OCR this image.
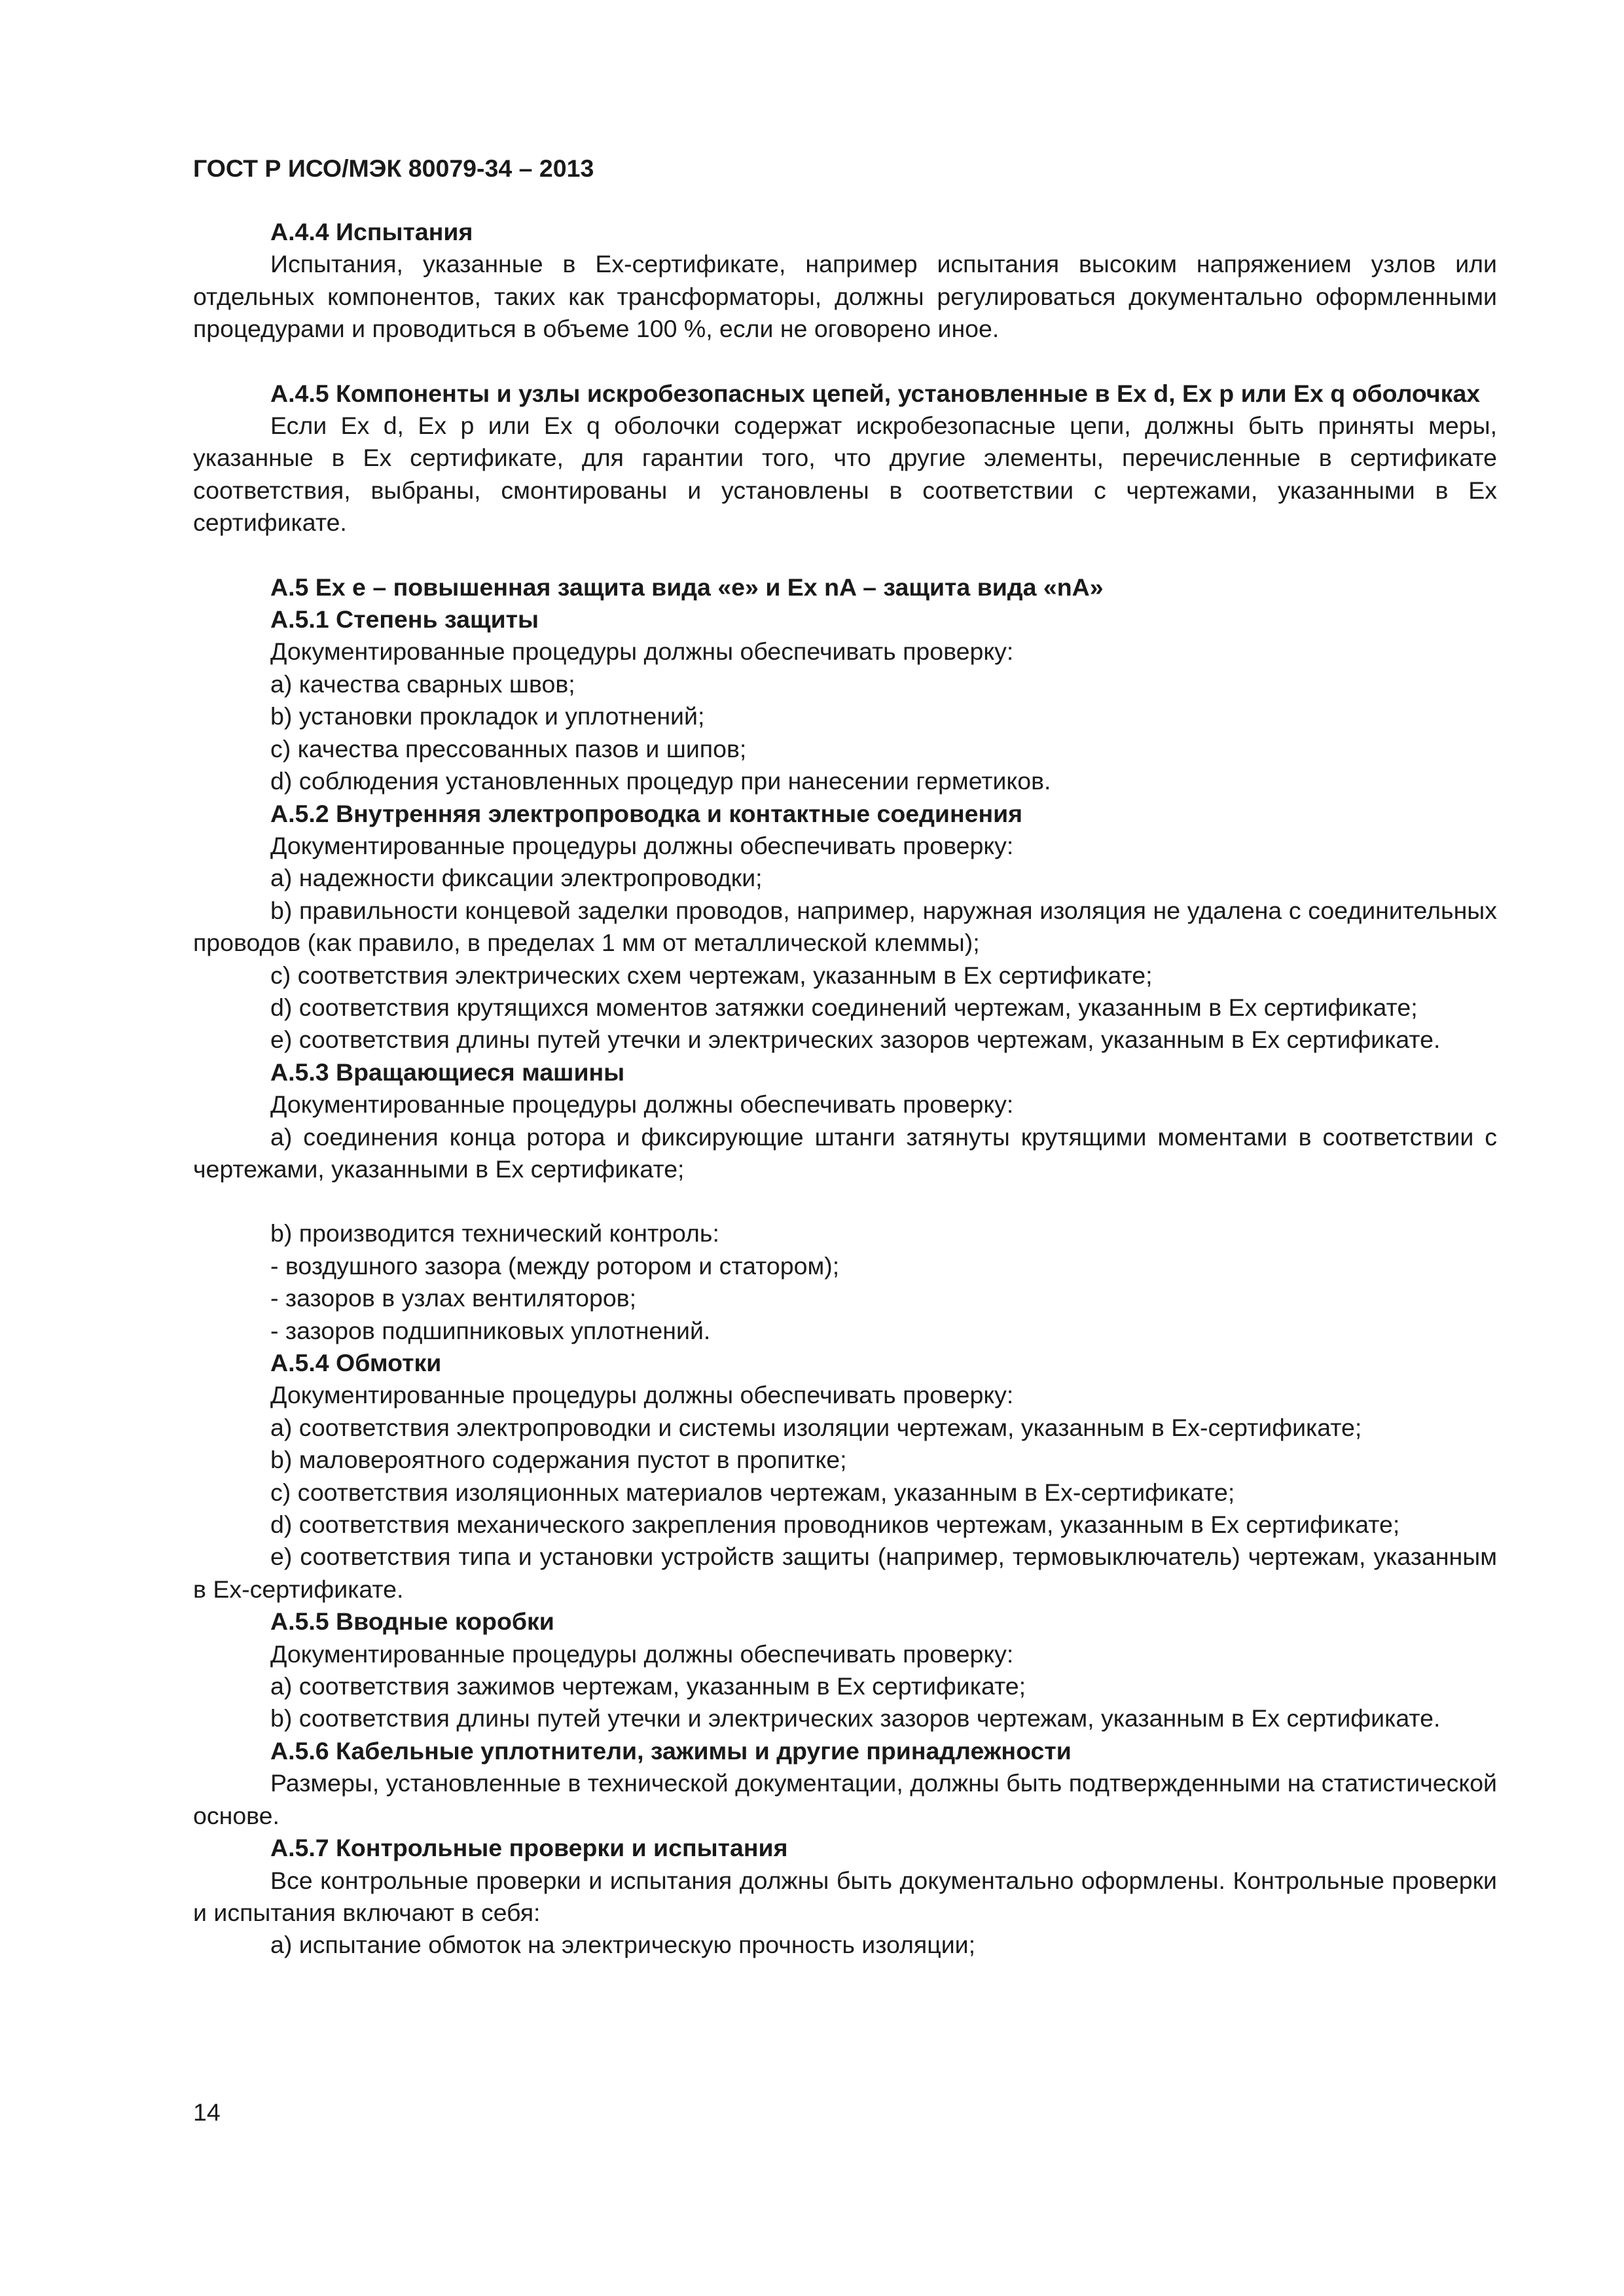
ГОСТ Р ИСО/МЭК 80079-34 – 2013

А.4.4 Испытания

Испытания, указанные в Ex-сертификате, например испытания высоким напряжением узлов или отдельных компонентов, таких как трансформаторы, должны регулироваться документально оформленными процедурами и проводиться в объеме 100 %, если не оговорено иное.

А.4.5 Компоненты и узлы искробезопасных цепей, установленные в Ex d, Ex p или Ex q оболочках

Если Ex d, Ex p или Ex q оболочки содержат искробезопасные цепи, должны быть приняты меры, указанные в Ex сертификате, для гарантии того, что другие элементы, перечисленные в сертификате соответствия, выбраны, смонтированы и установлены в соответствии с чертежами, указанными в Ex сертификате.

А.5 Ex e – повышенная защита вида «е» и Ex nA – защита вида «nA»

А.5.1 Степень защиты

Документированные процедуры должны обеспечивать проверку:

a) качества сварных швов;

b) установки прокладок и уплотнений;

c) качества прессованных пазов и шипов;

d) соблюдения установленных процедур при нанесении герметиков.

А.5.2 Внутренняя электропроводка и контактные соединения

Документированные процедуры должны обеспечивать проверку:

a) надежности фиксации электропроводки;

b) правильности концевой заделки проводов, например, наружная изоляция не удалена с соединительных проводов (как правило, в пределах 1 мм от металлической клеммы);

c) соответствия электрических схем чертежам, указанным в Ex сертификате;

d) соответствия крутящихся моментов затяжки соединений чертежам, указанным в Ex сертификате;

e) соответствия длины путей утечки и электрических зазоров чертежам, указанным в Ex сертификате.

А.5.3 Вращающиеся машины

Документированные процедуры должны обеспечивать проверку:

a) соединения конца ротора и фиксирующие штанги затянуты крутящими моментами в соответствии с чертежами, указанными в Ex сертификате;

b) производится технический контроль:

- воздушного зазора (между ротором и статором);

- зазоров в узлах вентиляторов;

- зазоров подшипниковых уплотнений.

А.5.4 Обмотки

Документированные процедуры должны обеспечивать проверку:

a) соответствия электропроводки и системы изоляции чертежам, указанным в Ex-сертификате;

b) маловероятного содержания пустот в пропитке;

c) соответствия изоляционных материалов чертежам, указанным в Ex-сертификате;

d) соответствия механического закрепления проводников чертежам, указанным в Ex сертификате;

e) соответствия типа и установки устройств защиты (например, термовыключатель) чертежам, указанным в Ex-сертификате.

А.5.5 Вводные коробки

Документированные процедуры должны обеспечивать проверку:

a) соответствия зажимов чертежам, указанным в Ex сертификате;

b) соответствия длины путей утечки и электрических зазоров чертежам, указанным в Ex сертификате.

А.5.6 Кабельные уплотнители, зажимы и другие принадлежности

Размеры, установленные в технической документации, должны быть подтвержденными на статистической основе.

А.5.7 Контрольные проверки и испытания

Все контрольные проверки и испытания должны быть документально оформлены. Контрольные проверки и испытания включают в себя:

a) испытание обмоток на электрическую прочность изоляции;

14
